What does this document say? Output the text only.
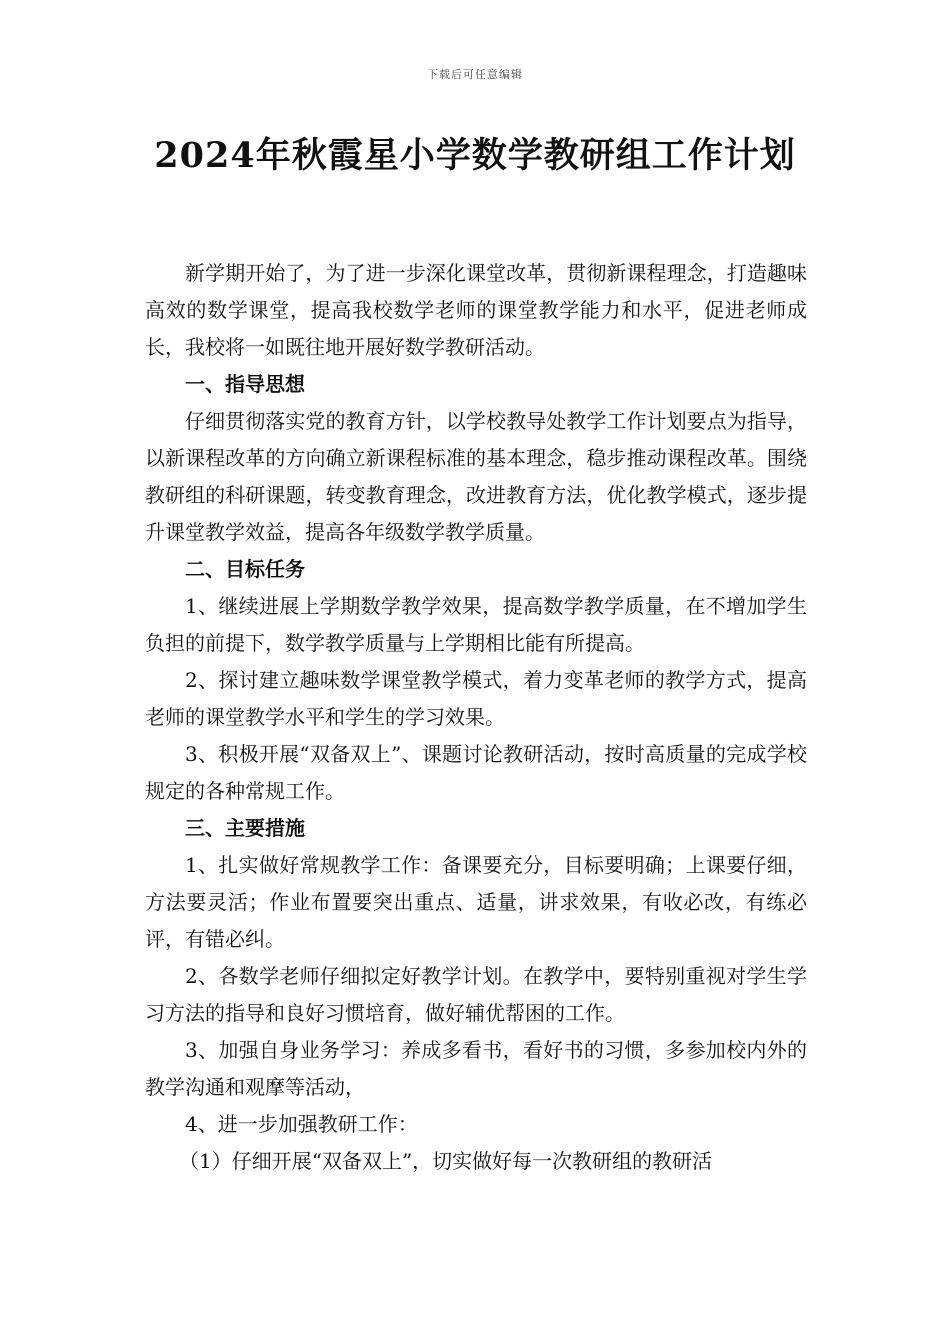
下载后可任意编辑
2024年秋霞星小学数学教研组工作计划

新学期开始了，为了进一步深化课堂改革，贯彻新课程理念，打造趣味高效的数学课堂，提高我校数学老师的课堂教学能力和水平，促进老师成长，我校将一如既往地开展好数学教研活动。

一、指导思想

仔细贯彻落实党的教育方针，以学校教导处教学工作计划要点为指导，以新课程改革的方向确立新课程标准的基本理念，稳步推动课程改革。围绕教研组的科研课题，转变教育理念，改进教育方法，优化教学模式，逐步提升课堂教学效益，提高各年级数学教学质量。

二、目标任务

1、继续进展上学期数学教学效果，提高数学教学质量，在不增加学生负担的前提下，数学教学质量与上学期相比能有所提高。

2、探讨建立趣味数学课堂教学模式，着力变革老师的教学方式，提高老师的课堂教学水平和学生的学习效果。

3、积极开展“双备双上”、课题讨论教研活动，按时高质量的完成学校规定的各种常规工作。

三、主要措施

1、扎实做好常规教学工作：备课要充分，目标要明确；上课要仔细，方法要灵活；作业布置要突出重点、适量，讲求效果，有收必改，有练必评，有错必纠。

2、各数学老师仔细拟定好教学计划。在教学中，要特别重视对学生学习方法的指导和良好习惯培育，做好辅优帮困的工作。

3、加强自身业务学习：养成多看书，看好书的习惯，多参加校内外的教学沟通和观摩等活动，

4、进一步加强教研工作：

（1）仔细开展“双备双上”，切实做好每一次教研组的教研活
